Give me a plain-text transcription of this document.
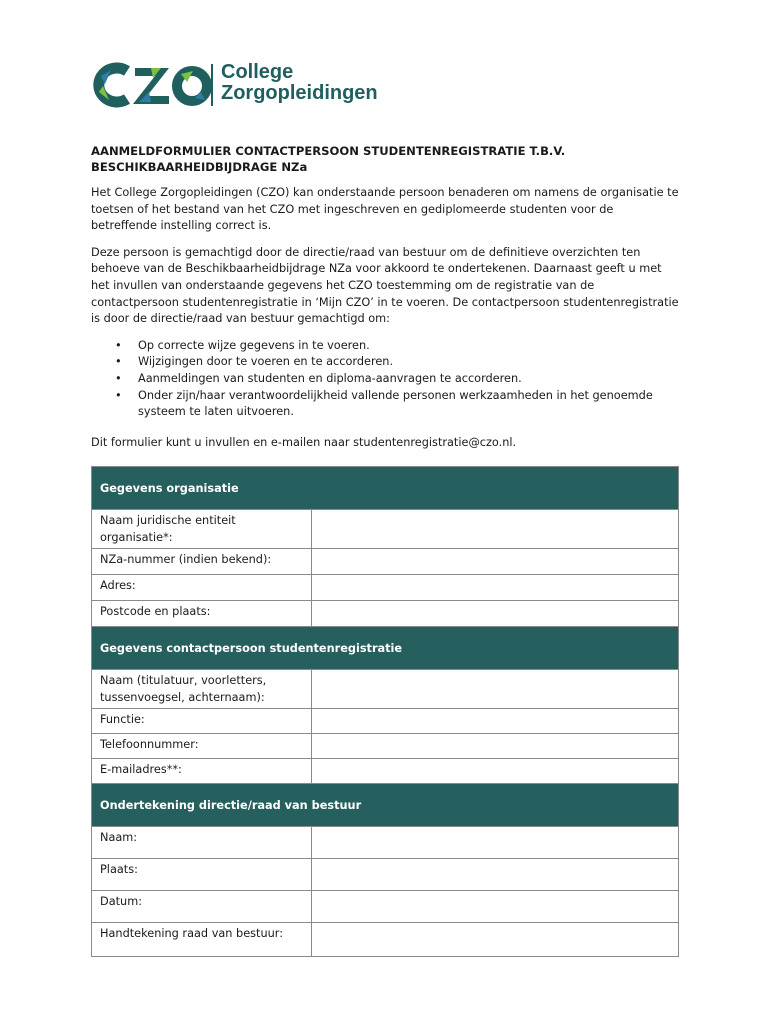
College
Zorgopleidingen
AANMELDFORMULIER CONTACTPERSOON STUDENTENREGISTRATIE T.B.V. BESCHIKBAARHEIDBIJDRAGE NZa

Het College Zorgopleidingen (CZO) kan onderstaande persoon benaderen om namens de organisatie te toetsen of het bestand van het CZO met ingeschreven en gediplomeerde studenten voor de betreffende instelling correct is.

Deze persoon is gemachtigd door de directie/raad van bestuur om de definitieve overzichten ten behoeve van de Beschikbaarheidbijdrage NZa voor akkoord te ondertekenen. Daarnaast geeft u met het invullen van onderstaande gegevens het CZO toestemming om de registratie van de contactpersoon studentenregistratie in ‘Mijn CZO’ in te voeren. De contactpersoon studentenregistratie is door de directie/raad van bestuur gemachtigd om:

• Op correcte wijze gegevens in te voeren.
• Wijzigingen door te voeren en te accorderen.
• Aanmeldingen van studenten en diploma-aanvragen te accorderen.
• Onder zijn/haar verantwoordelijkheid vallende personen werkzaamheden in het genoemde systeem te laten uitvoeren.

Dit formulier kunt u invullen en e-mailen naar studentenregistratie@czo.nl.

Gegevens organisatie	
Naam juridische entiteit organisatie*:	
NZa-nummer (indien bekend):	
Adres:	
Postcode en plaats:	
Gegevens contactpersoon studentenregistratie	
Naam (titulatuur, voorletters, tussenvoegsel, achternaam):	
Functie:	
Telefoonnummer:	
E-mailadres**:	
Ondertekening directie/raad van bestuur	
Naam:	
Plaats:	
Datum:	
Handtekening raad van bestuur:	
